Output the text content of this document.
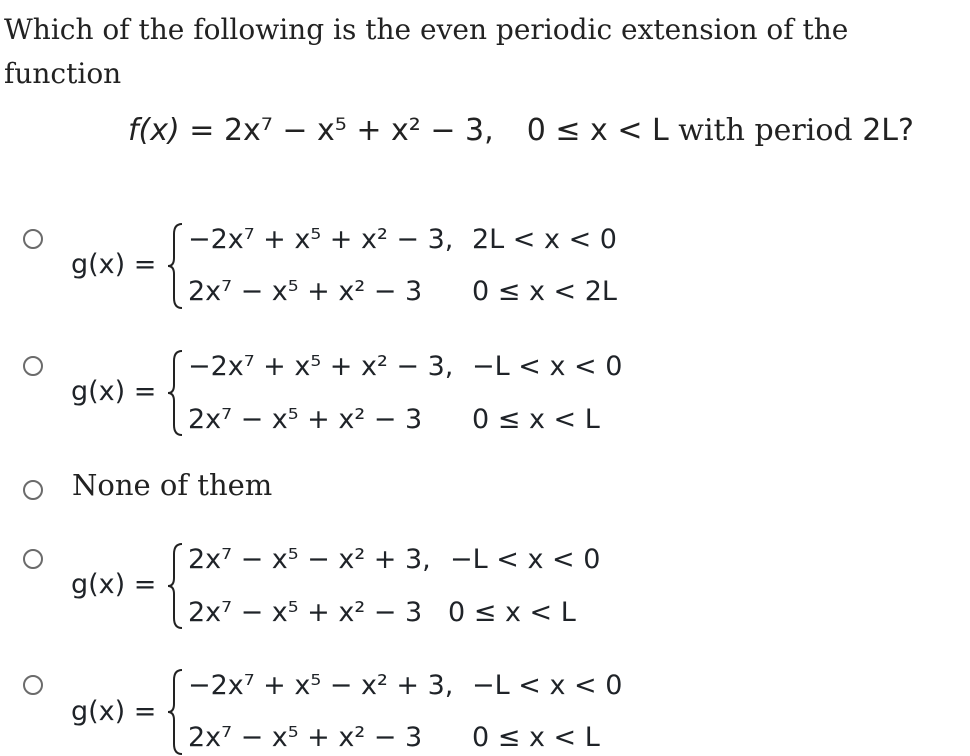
Which of the following is the even periodic extension of the function
f(x) = 2x⁷ − x⁵ + x² − 3, 0 ≤ x < L with period 2L?
g(x) =
−2x⁷ + x⁵ + x² − 3, 2L < x < 0
2x⁷ − x⁵ + x² − 3 0 ≤ x < 2L
g(x) =
−2x⁷ + x⁵ + x² − 3, −L < x < 0
2x⁷ − x⁵ + x² − 3 0 ≤ x < L
None of them
g(x) =
2x⁷ − x⁵ − x² + 3, −L < x < 0
2x⁷ − x⁵ + x² − 3 0 ≤ x < L
g(x) =
−2x⁷ + x⁵ − x² + 3, −L < x < 0
2x⁷ − x⁵ + x² − 3 0 ≤ x < L
